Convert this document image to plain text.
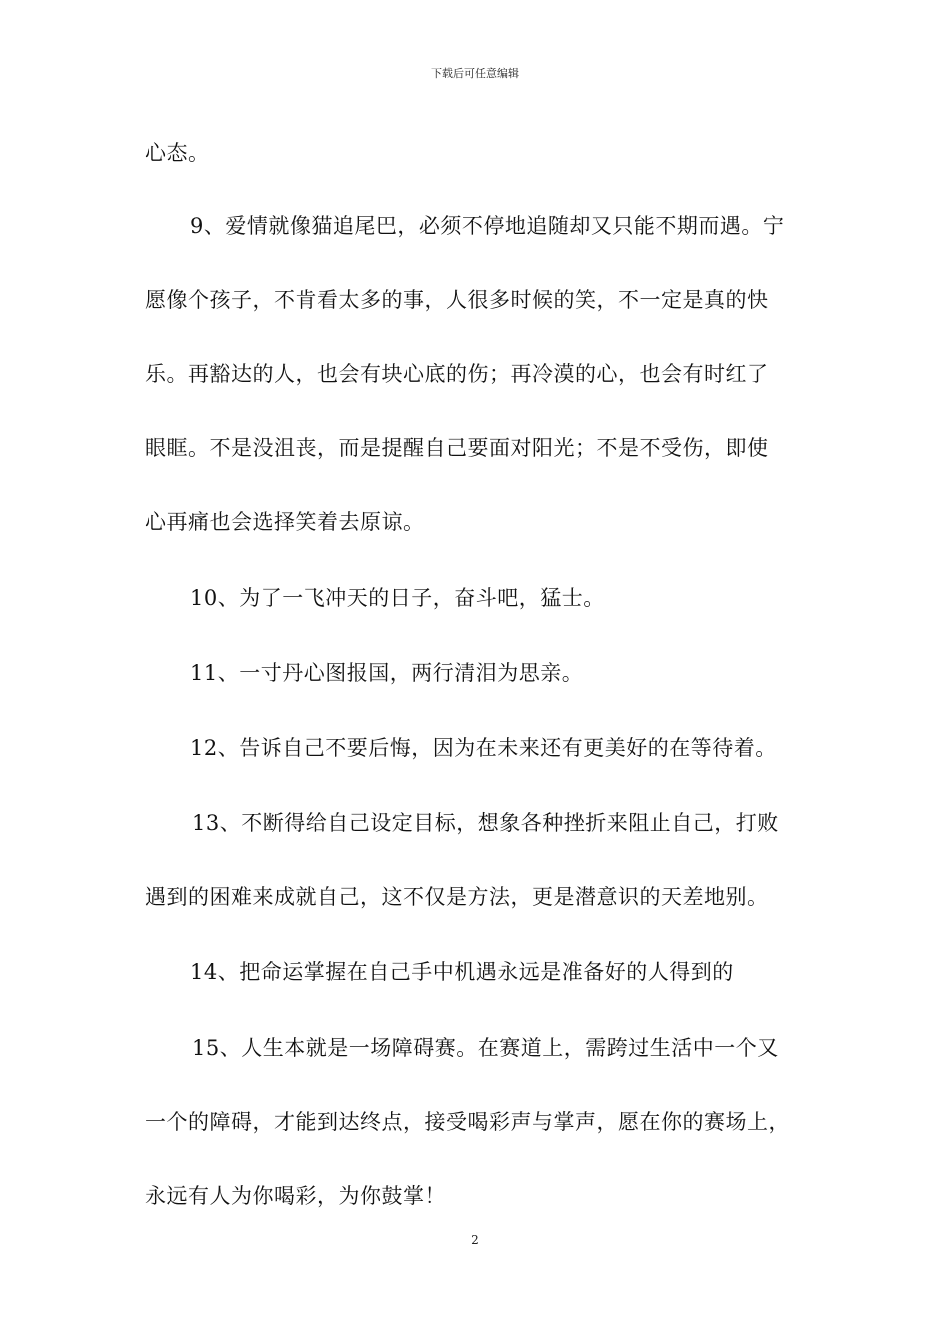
下载后可任意编辑
心态。
9、爱情就像猫追尾巴，必须不停地追随却又只能不期而遇。宁
愿像个孩子，不肯看太多的事，人很多时候的笑，不一定是真的快
乐。再豁达的人，也会有块心底的伤；再冷漠的心，也会有时红了
眼眶。不是没沮丧，而是提醒自己要面对阳光；不是不受伤，即使
心再痛也会选择笑着去原谅。
10、为了一飞冲天的日子，奋斗吧，猛士。
11、一寸丹心图报国，两行清泪为思亲。
12、告诉自己不要后悔，因为在未来还有更美好的在等待着。
13、不断得给自己设定目标，想象各种挫折来阻止自己，打败
遇到的困难来成就自己，这不仅是方法，更是潜意识的天差地别。
14、把命运掌握在自己手中机遇永远是准备好的人得到的
15、人生本就是一场障碍赛。在赛道上，需跨过生活中一个又
一个的障碍，才能到达终点，接受喝彩声与掌声，愿在你的赛场上，
永远有人为你喝彩，为你鼓掌！
2
